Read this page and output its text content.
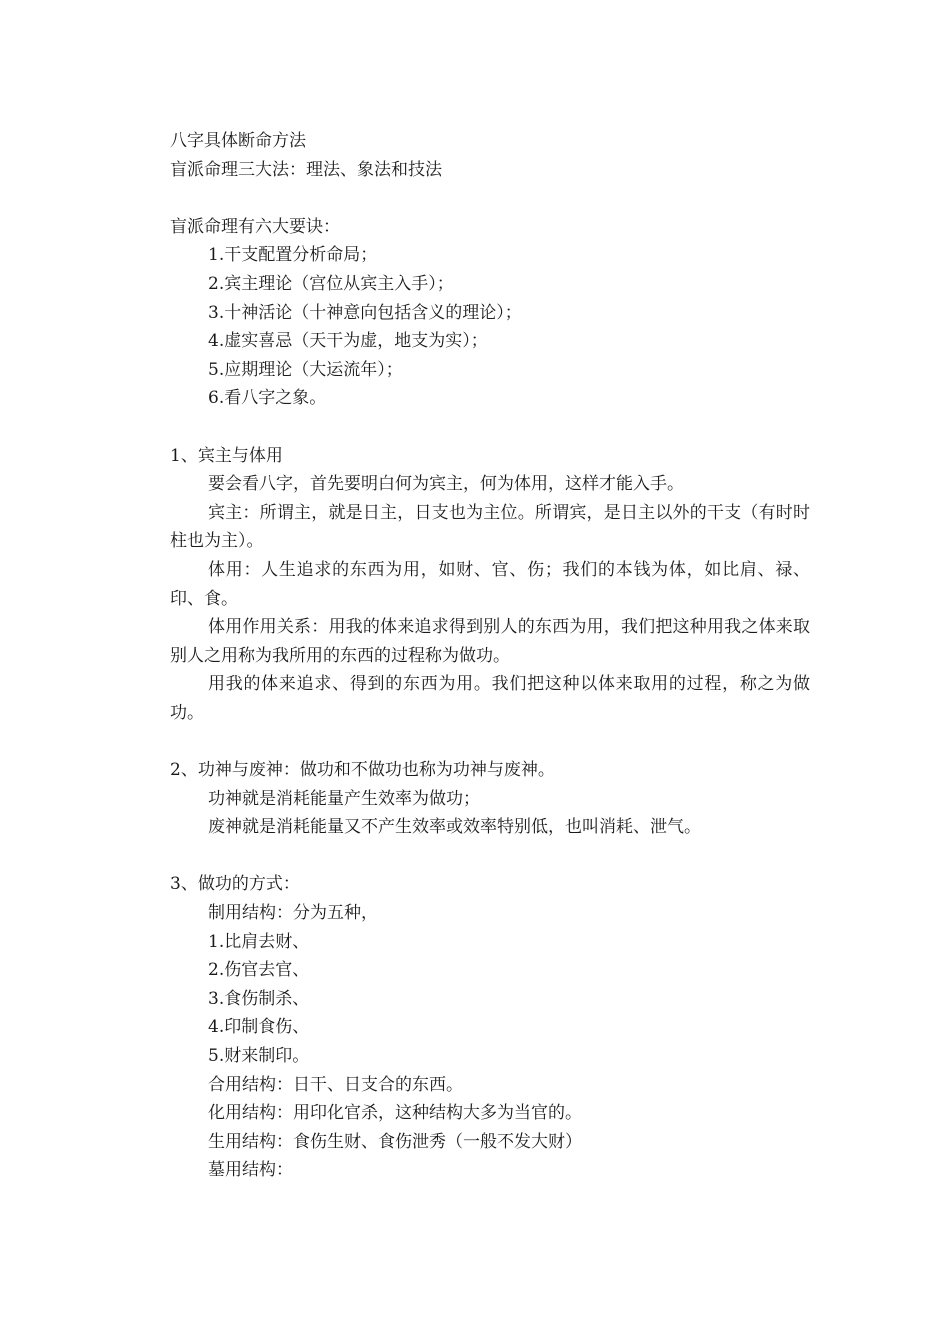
八字具体断命方法

盲派命理三大法：理法、象法和技法

盲派命理有六大要诀：

1.干支配置分析命局；

2.宾主理论（宫位从宾主入手）；

3.十神活论（十神意向包括含义的理论）；

4.虚实喜忌（天干为虚，地支为实）；

5.应期理论（大运流年）；

6.看八字之象。

1、宾主与体用

要会看八字，首先要明白何为宾主，何为体用，这样才能入手。

宾主：所谓主，就是日主，日支也为主位。所谓宾，是日主以外的干支（有时时柱也为主）。

体用：人生追求的东西为用，如财、官、伤；我们的本钱为体，如比肩、禄、印、食。

体用作用关系：用我的体来追求得到别人的东西为用，我们把这种用我之体来取别人之用称为我所用的东西的过程称为做功。

用我的体来追求、得到的东西为用。我们把这种以体来取用的过程，称之为做功。

2、功神与废神：做功和不做功也称为功神与废神。

功神就是消耗能量产生效率为做功；

废神就是消耗能量又不产生效率或效率特别低，也叫消耗、泄气。

3、做功的方式：

制用结构：分为五种，

1.比肩去财、

2.伤官去官、

3.食伤制杀、

4.印制食伤、

5.财来制印。

合用结构：日干、日支合的东西。

化用结构：用印化官杀，这种结构大多为当官的。

生用结构：食伤生财、食伤泄秀（一般不发大财）

墓用结构：
